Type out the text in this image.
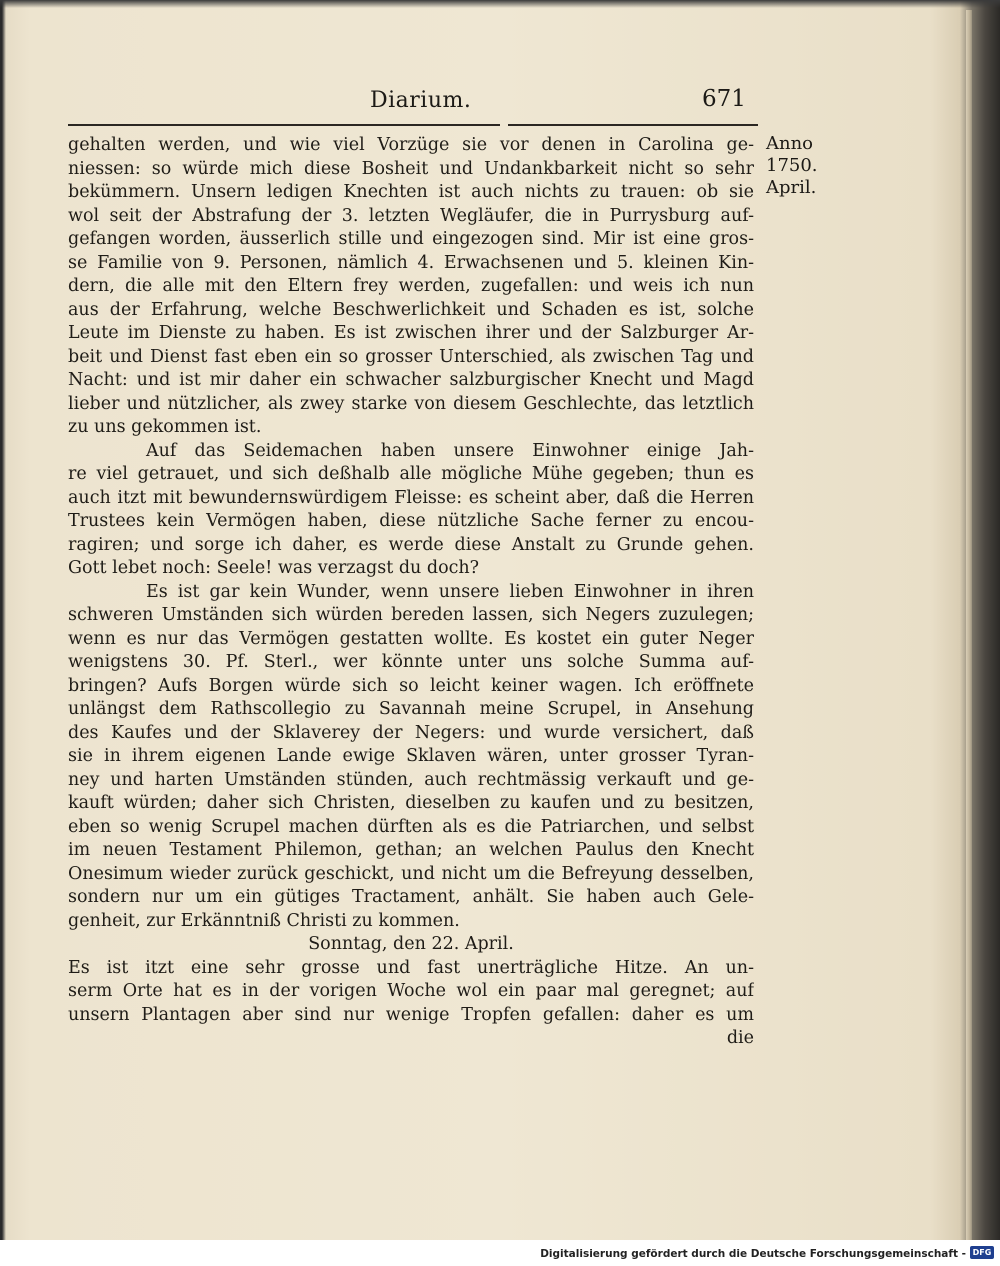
Diarium.	671
Anno
1750.
April.
gehalten werden, und wie viel Vorzüge sie vor denen in Carolina ge-
niessen: so würde mich diese Bosheit und Undankbarkeit nicht so sehr
bekümmern. Unsern ledigen Knechten ist auch nichts zu trauen: ob sie
wol seit der Abstrafung der 3. letzten Wegläufer, die in Purrysburg auf-
gefangen worden, äusserlich stille und eingezogen sind. Mir ist eine gros-
se Familie von 9. Personen, nämlich 4. Erwachsenen und 5. kleinen Kin-
dern, die alle mit den Eltern frey werden, zugefallen: und weis ich nun
aus der Erfahrung, welche Beschwerlichkeit und Schaden es ist, solche
Leute im Dienste zu haben. Es ist zwischen ihrer und der Salzburger Ar-
beit und Dienst fast eben ein so grosser Unterschied, als zwischen Tag und
Nacht: und ist mir daher ein schwacher salzburgischer Knecht und Magd
lieber und nützlicher, als zwey starke von diesem Geschlechte, das letztlich
zu uns gekommen ist.
Auf das Seidemachen haben unsere Einwohner einige Jah-
re viel getrauet, und sich deßhalb alle mögliche Mühe gegeben; thun es
auch itzt mit bewundernswürdigem Fleisse: es scheint aber, daß die Herren
Trustees kein Vermögen haben, diese nützliche Sache ferner zu encou-
ragiren; und sorge ich daher, es werde diese Anstalt zu Grunde gehen.
Gott lebet noch: Seele! was verzagst du doch?
Es ist gar kein Wunder, wenn unsere lieben Einwohner in ihren
schweren Umständen sich würden bereden lassen, sich Negers zuzulegen;
wenn es nur das Vermögen gestatten wollte. Es kostet ein guter Neger
wenigstens 30. Pf. Sterl., wer könnte unter uns solche Summa auf-
bringen? Aufs Borgen würde sich so leicht keiner wagen. Ich eröffnete
unlängst dem Rathscollegio zu Savannah meine Scrupel, in Ansehung
des Kaufes und der Sklaverey der Negers: und wurde versichert, daß
sie in ihrem eigenen Lande ewige Sklaven wären, unter grosser Tyran-
ney und harten Umständen stünden, auch rechtmässig verkauft und ge-
kauft würden; daher sich Christen, dieselben zu kaufen und zu besitzen,
eben so wenig Scrupel machen dürften als es die Patriarchen, und selbst
im neuen Testament Philemon, gethan; an welchen Paulus den Knecht
Onesimum wieder zurück geschickt, und nicht um die Befreyung desselben,
sondern nur um ein gütiges Tractament, anhält. Sie haben auch Gele-
genheit, zur Erkänntniß Christi zu kommen.
Sonntag, den 22. April.
Es ist itzt eine sehr grosse und fast unerträgliche Hitze. An un-
serm Orte hat es in der vorigen Woche wol ein paar mal geregnet; auf
unsern Plantagen aber sind nur wenige Tropfen gefallen: daher es um
die
Digitalisierung gefördert durch die Deutsche Forschungsgemeinschaft - DFG
